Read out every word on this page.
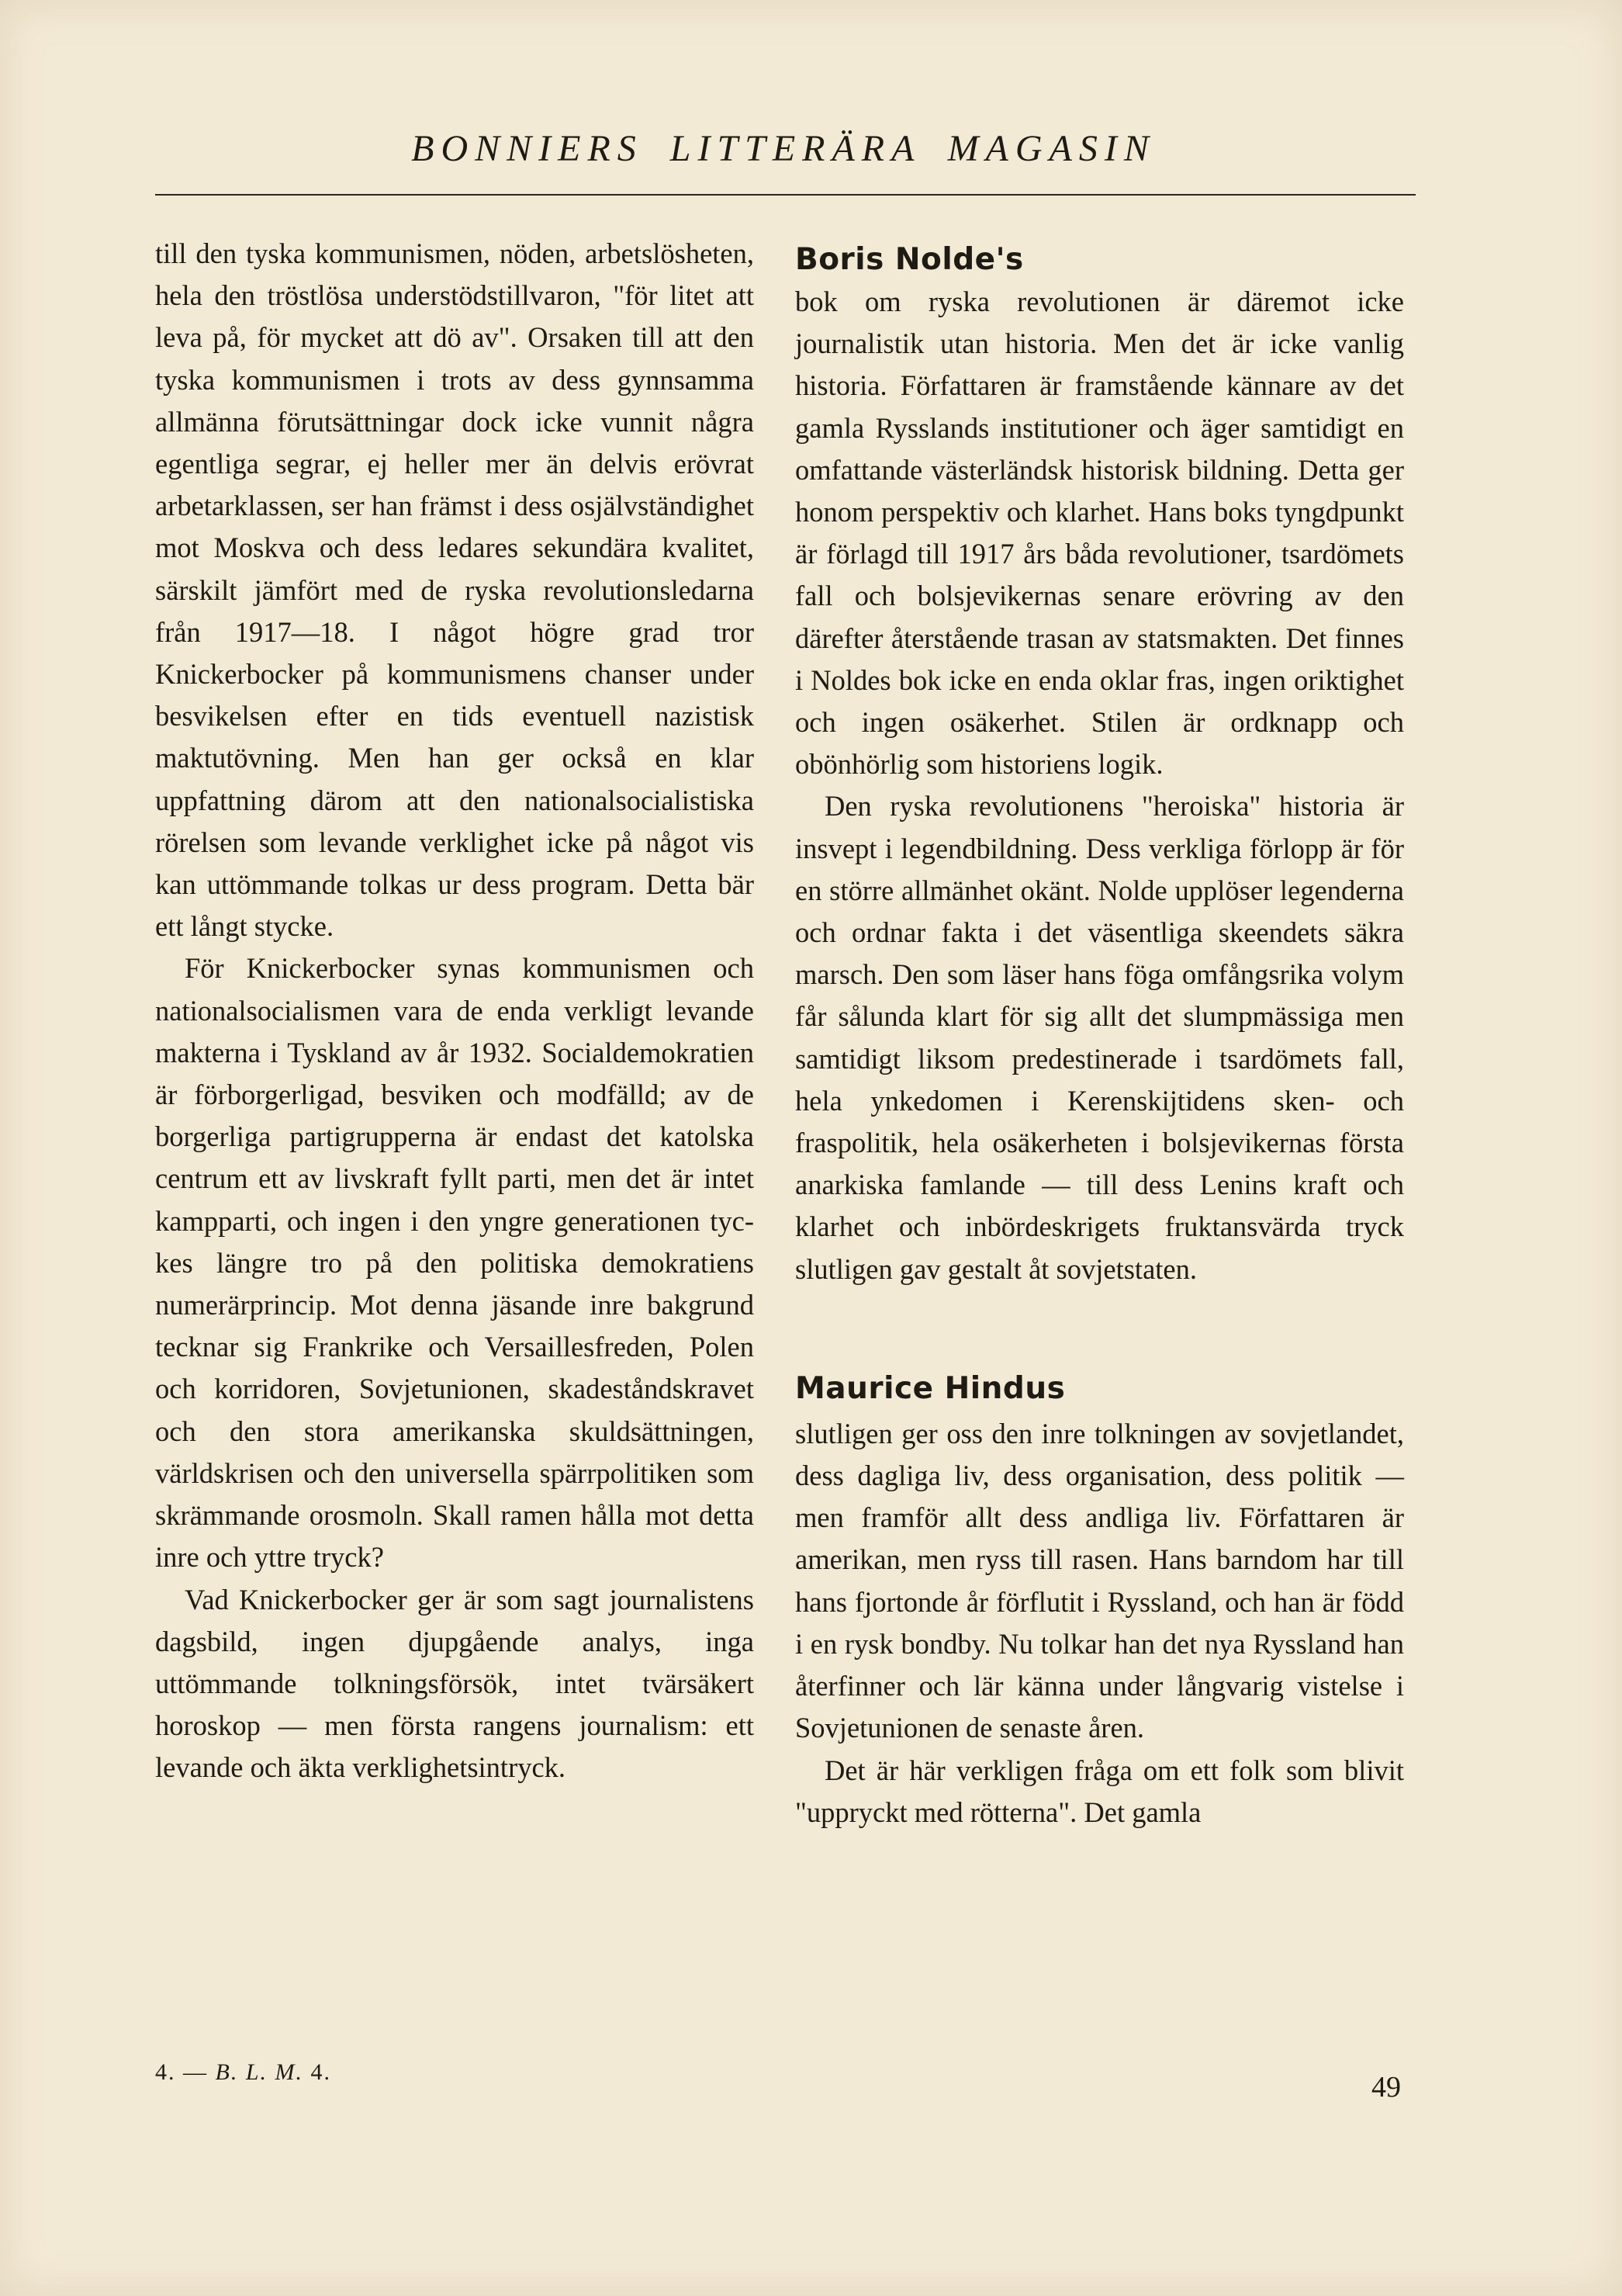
BONNIERS LITTERÄRA MAGASIN

till den tyska kommunismen, nöden, arbetslösheten, hela den tröstlösa understödstillvaron, "för litet att leva på, för mycket att dö av". Orsaken till att den tyska kommunismen i trots av dess gynnsamma allmänna förutsättningar dock icke vunnit några egentliga segrar, ej heller mer än delvis erövrat arbetarklassen, ser han främst i dess osjälvständighet mot Moskva och dess ledares sekundära kvalitet, särskilt jämfört med de ryska revolutionsledarna från 1917—18. I något högre grad tror Knickerbocker på kommunismens chanser under besvikelsen efter en tids eventuell nazistisk maktutövning. Men han ger också en klar uppfattning därom att den nationalsocialistiska rörelsen som levande verklighet icke på något vis kan uttömmande tolkas ur dess program. Detta bär ett långt stycke.

För Knickerbocker synas kommunismen och nationalsocialismen vara de enda verkligt levande makterna i Tyskland av år 1932. Socialdemokratien är förborgerligad, besviken och modfälld; av de borgerliga partigrupperna är endast det katolska centrum ett av livskraft fyllt parti, men det är intet kampparti, och ingen i den yngre generationen tyckes längre tro på den politiska demokratiens numerärprincip. Mot denna jäsande inre bakgrund tecknar sig Frankrike och Versaillesfreden, Polen och korridoren, Sovjetunionen, skadeståndskravet och den stora amerikanska skuldsättningen, världskrisen och den universella spärrpolitiken som skrämmande orosmoln. Skall ramen hålla mot detta inre och yttre tryck?

Vad Knickerbocker ger är som sagt journalistens dagsbild, ingen djupgående analys, inga uttömmande tolkningsförsök, intet tvärsäkert horoskop — men första rangens journalism: ett levande och äkta verklighetsintryck.

Boris Nolde's

bok om ryska revolutionen är däremot icke journalistik utan historia. Men det är icke vanlig historia. Författaren är framstående kännare av det gamla Rysslands institutioner och äger samtidigt en omfattande västerländsk historisk bildning. Detta ger honom perspektiv och klarhet. Hans boks tyngdpunkt är förlagd till 1917 års båda revolutioner, tsardömets fall och bolsjevikernas senare erövring av den därefter återstående trasan av statsmakten. Det finnes i Noldes bok icke en enda oklar fras, ingen oriktighet och ingen osäkerhet. Stilen är ordknapp och obönhörlig som historiens logik.

Den ryska revolutionens "heroiska" historia är insvept i legendbildning. Dess verkliga förlopp är för en större allmänhet okänt. Nolde upplöser legenderna och ordnar fakta i det väsentliga skeendets säkra marsch. Den som läser hans föga omfångsrika volym får sålunda klart för sig allt det slumpmässiga men samtidigt liksom predestinerade i tsardömets fall, hela ynkedomen i Kerenskijtidens sken- och fraspolitik, hela osäkerheten i bolsjevikernas första anarkiska famlande — till dess Lenins kraft och klarhet och inbördeskrigets fruktansvärda tryck slutligen gav gestalt åt sovjetstaten.

Maurice Hindus

slutligen ger oss den inre tolkningen av sovjetlandet, dess dagliga liv, dess organisation, dess politik — men framför allt dess andliga liv. Författaren är amerikan, men ryss till rasen. Hans barndom har till hans fjortonde år förflutit i Ryssland, och han är född i en rysk bondby. Nu tolkar han det nya Ryssland han återfinner och lär känna under långvarig vistelse i Sovjetunionen de senaste åren.

Det är här verkligen fråga om ett folk som blivit "uppryckt med rötterna". Det gamla

4. — B. L. M. 4.	49
